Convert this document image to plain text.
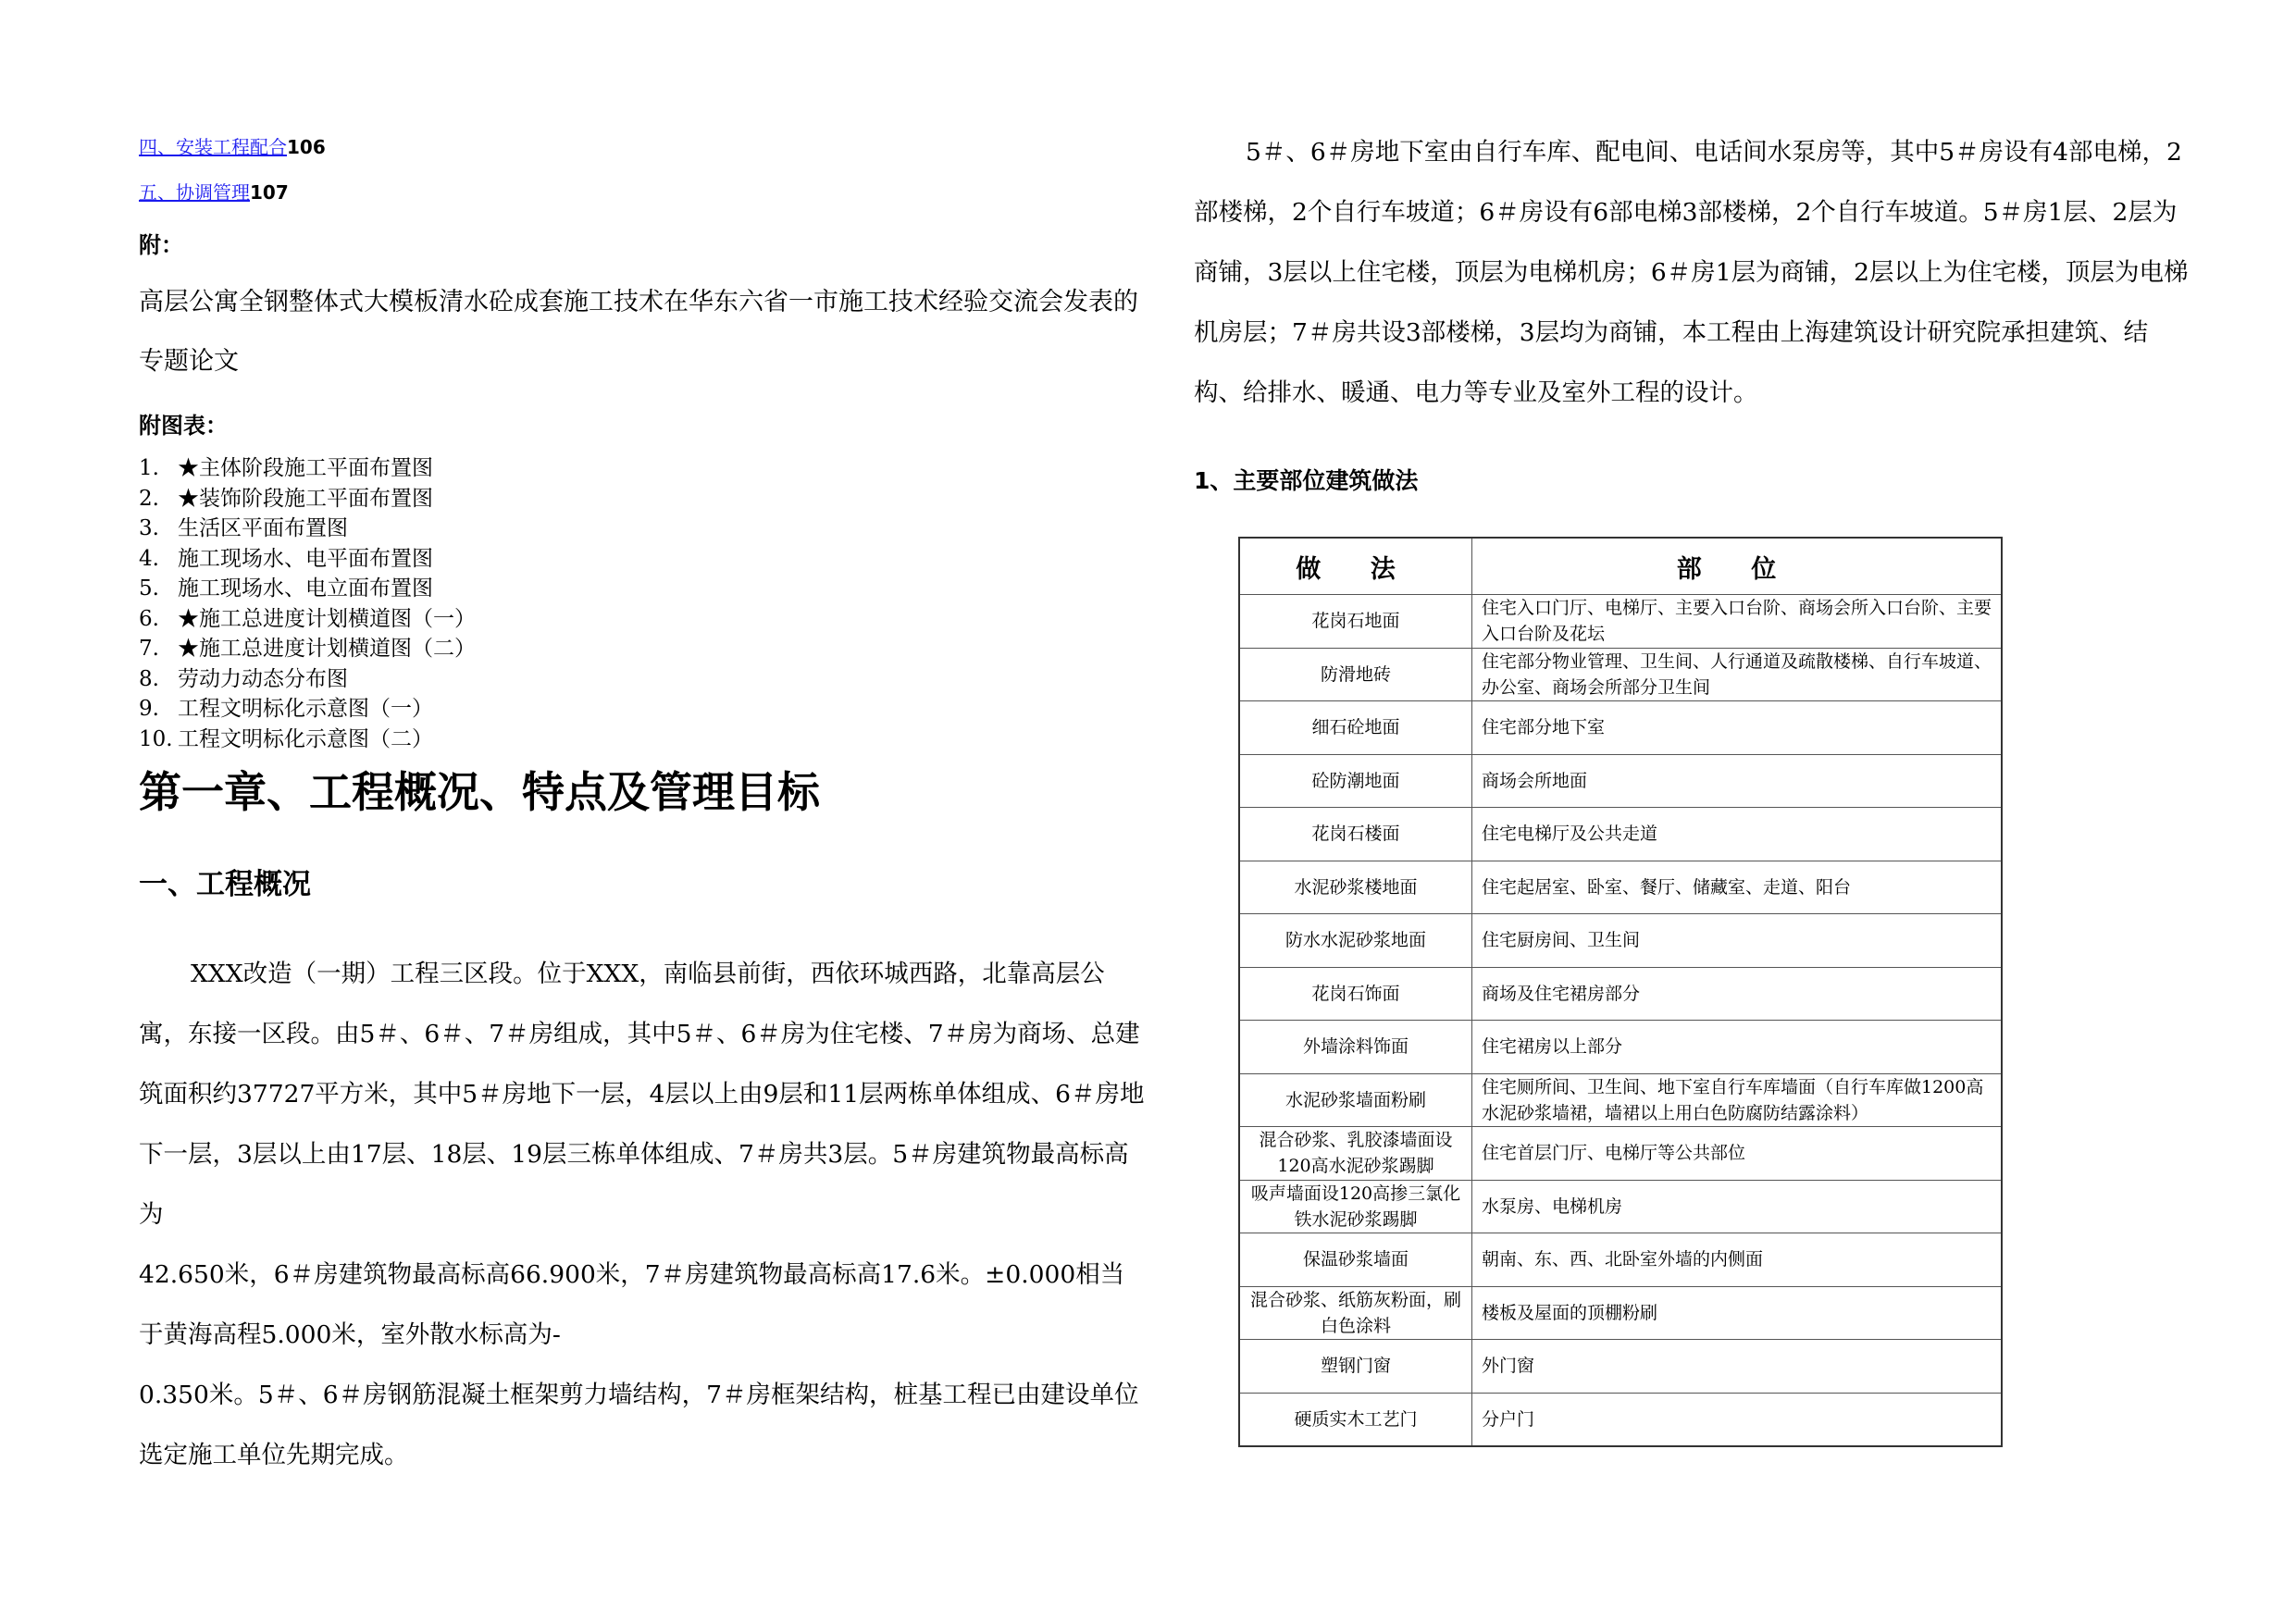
四、安装工程配合106
五、协调管理107
附：

高层公寓全钢整体式大模板清水砼成套施工技术在华东六省一市施工技术经验交流会发表的专题论文

附图表：
1. ★主体阶段施工平面布置图
2. ★装饰阶段施工平面布置图
3. 生活区平面布置图
4. 施工现场水、电平面布置图
5. 施工现场水、电立面布置图
6. ★施工总进度计划横道图（一）
7. ★施工总进度计划横道图（二）
8. 劳动力动态分布图
9. 工程文明标化示意图（一）
10. 工程文明标化示意图（二）
第一章、工程概况、特点及管理目标
一、工程概况

XXX改造（一期）工程三区段。位于XXX，南临县前街，西依环城西路，北靠高层公寓，东接一区段。由5＃、6＃、7＃房组成，其中5＃、6＃房为住宅楼、7＃房为商场、总建筑面积约37727平方米，其中5＃房地下一层，4层以上由9层和11层两栋单体组成、6＃房地下一层，3层以上由17层、18层、19层三栋单体组成、7＃房共3层。5＃房建筑物最高标高为

42.650米，6＃房建筑物最高标高66.900米，7＃房建筑物最高标高17.6米。±0.000相当于黄海高程5.000米，室外散水标高为-

0.350米。5＃、6＃房钢筋混凝土框架剪力墙结构，7＃房框架结构，桩基工程已由建设单位选定施工单位先期完成。

5＃、6＃房地下室由自行车库、配电间、电话间水泵房等，其中5＃房设有4部电梯，2部楼梯，2个自行车坡道；6＃房设有6部电梯3部楼梯，2个自行车坡道。5＃房1层、2层为商铺，3层以上住宅楼，顶层为电梯机房；6＃房1层为商铺，2层以上为住宅楼，顶层为电梯机房层；7＃房共设3部楼梯，3层均为商铺，本工程由上海建筑设计研究院承担建筑、结构、给排水、暖通、电力等专业及室外工程的设计。

1、主要部位建筑做法
做 法	部 位
花岗石地面	住宅入口门厅、电梯厅、主要入口台阶、商场会所入口台阶、主要入口台阶及花坛
防滑地砖	住宅部分物业管理、卫生间、人行通道及疏散楼梯、自行车坡道、办公室、商场会所部分卫生间
细石砼地面	住宅部分地下室
砼防潮地面	商场会所地面
花岗石楼面	住宅电梯厅及公共走道
水泥砂浆楼地面	住宅起居室、卧室、餐厅、储藏室、走道、阳台
防水水泥砂浆地面	住宅厨房间、卫生间
花岗石饰面	商场及住宅裙房部分
外墙涂料饰面	住宅裙房以上部分
水泥砂浆墙面粉刷	住宅厕所间、卫生间、地下室自行车库墙面（自行车库做1200高水泥砂浆墙裙，墙裙以上用白色防腐防结露涂料）
混合砂浆、乳胶漆墙面设120高水泥砂浆踢脚	住宅首层门厅、电梯厅等公共部位
吸声墙面设120高掺三氯化铁水泥砂浆踢脚	水泵房、电梯机房
保温砂浆墙面	朝南、东、西、北卧室外墙的内侧面
混合砂浆、纸筋灰粉面，刷白色涂料	楼板及屋面的顶棚粉刷
塑钢门窗	外门窗
硬质实木工艺门	分户门
